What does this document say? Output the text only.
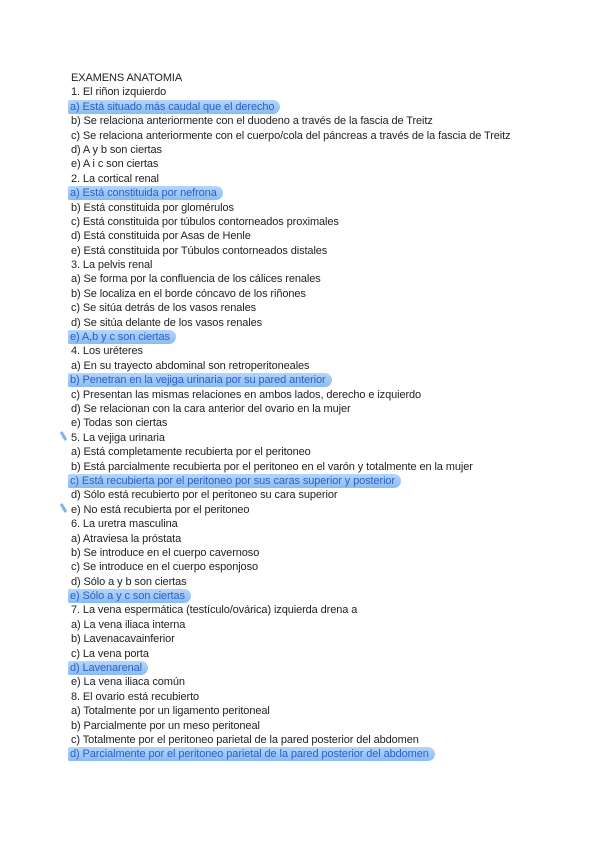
EXAMENS ANATOMIA
1. El riñon izquierdo
a) Está situado más caudal que el derecho
b) Se relaciona anteriormente con el duodeno a través de la fascia de Treitz
c) Se relaciona anteriormente con el cuerpo/cola del páncreas a través de la fascia de Treitz
d) A y b son ciertas
e) A i c son ciertas
2. La cortical renal
a) Está constituida por nefrona
b) Está constituida por glomérulos
c) Está constituida por túbulos contorneados proximales
d) Está constituida por Asas de Henle
e) Está constituida por Túbulos contorneados distales
3. La pelvis renal
a) Se forma por la confluencia de los cálices renales
b) Se localiza en el borde cóncavo de los riñones
c) Se sitúa detrás de los vasos renales
d) Se sitúa delante de los vasos renales
e) A,b y c son ciertas
4. Los uréteres
a) En su trayecto abdominal son retroperitoneales
b) Penetran en la vejiga urinaria por su pared anterior
c) Presentan las mismas relaciones en ambos lados, derecho e izquierdo
d) Se relacionan con la cara anterior del ovario en la mujer
e) Todas son ciertas
5. La vejiga urinaria
a) Está completamente recubierta por el peritoneo
b) Está parcialmente recubierta por el peritoneo en el varón y totalmente en la mujer
c) Está recubierta por el peritoneo por sus caras superior y posterior
d) Sólo está recubierto por el peritoneo su cara superior
e) No está recubierta por el peritoneo
6. La uretra masculina
a) Atraviesa la próstata
b) Se introduce en el cuerpo cavernoso
c) Se introduce en el cuerpo esponjoso
d) Sólo a y b son ciertas
e) Sólo a y c son ciertas
7. La vena espermática (testículo/ovárica) izquierda drena a
a) La vena iliaca interna
b) Lavenacavainferior
c) La vena porta
d) Lavenarenal
e) La vena iliaca común
8. El ovario está recubierto
a) Totalmente por un ligamento peritoneal
b) Parcialmente por un meso peritoneal
c) Totalmente por el peritoneo parietal de la pared posterior del abdomen
d) Parcialmente por el peritoneo parietal de la pared posterior del abdomen
